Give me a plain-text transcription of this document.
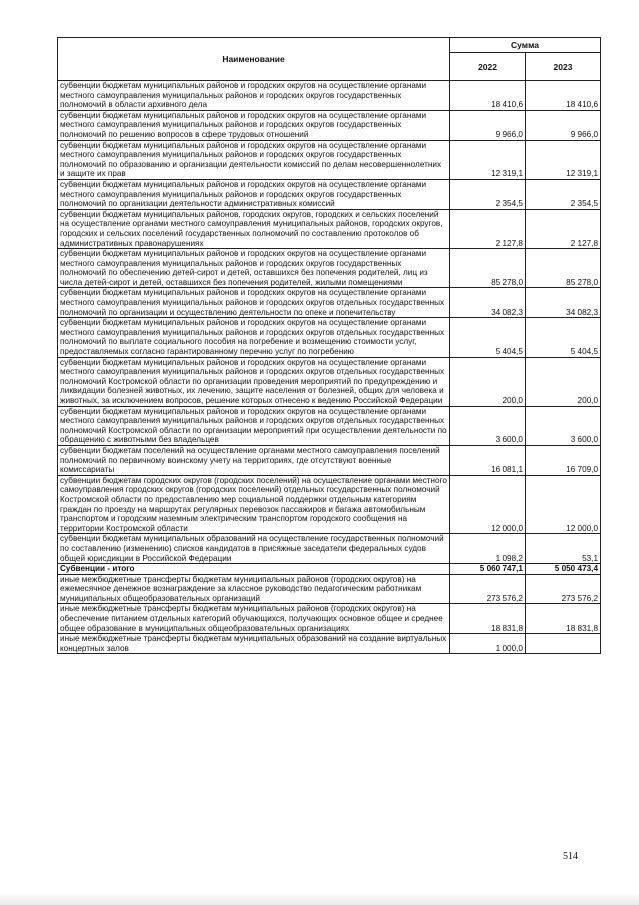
Наименование	Сумма	
	2022	2023
субвенции бюджетам муниципальных районов и городских округов на осуществление органами местного самоуправления муниципальных районов и городских округов государственных полномочий в области архивного дела	18 410,6	18 410,6
субвенции бюджетам муниципальных районов и городских округов на осуществление органами местного самоуправления муниципальных районов и городских округов государственных полномочий по решению вопросов в сфере трудовых отношений	9 966,0	9 966,0
субвенции бюджетам муниципальных районов и городских округов на осуществление органами местного самоуправления муниципальных районов и городских округов государственных полномочий по образованию и организации деятельности комиссий по делам несовершеннолетних и защите их прав	12 319,1	12 319,1
субвенции бюджетам муниципальных районов и городских округов на осуществление органами местного самоуправления муниципальных районов и городских округов государственных полномочий по организации деятельности административных комиссий	2 354,5	2 354,5
субвенции бюджетам муниципальных районов, городских округов, городских и сельских поселений на осуществление органами местного самоуправления муниципальных районов, городских округов, городских и сельских поселений государственных полномочий по составлению протоколов об административных правонарушениях	2 127,8	2 127,8
субвенции бюджетам муниципальных районов и городских округов на осуществление органами местного самоуправления муниципальных районов и городских округов государственных полномочий по обеспечению детей-сирот и детей, оставшихся без попечения родителей, лиц из числа детей-сирот и детей, оставшихся без попечения родителей, жилыми помещениями	85 278,0	85 278,0
субвенции бюджетам муниципальных районов и городских округов на осуществление органами местного самоуправления муниципальных районов и городских округов отдельных государственных полномочий по организации и осуществлению деятельности по опеке и попечительству	34 082,3	34 082,3
субвенции бюджетам муниципальных районов и городских округов на осуществление органами местного самоуправления муниципальных районов и городских округов отдельных государственных полномочий по выплате социального пособия на погребение и возмещению стоимости услуг, предоставляемых согласно гарантированному перечню услуг по погребению	5 404,5	5 404,5
субвенции бюджетам муниципальных районов и городских округов на осуществление органами местного самоуправления муниципальных районов и городских округов отдельных государственных полномочий Костромской области по организации проведения мероприятий по предупреждению и ликвидации болезней животных, их лечению, защите населения от болезней, общих для человека и животных, за исключением вопросов, решение которых отнесено к ведению Российской Федерации	200,0	200,0
субвенции бюджетам муниципальных районов и городских округов на осуществление органами местного самоуправления муниципальных районов и городских округов отдельных государственных полномочий Костромской области по организации мероприятий при осуществлении деятельности по обращению с животными без владельцев	3 600,0	3 600,0
субвенции бюджетам поселений на осуществление органами местного самоуправления поселений полномочий по первичному воинскому учету на территориях, где отсутствуют военные комиссариаты	16 081,1	16 709,0
субвенции бюджетам городских округов (городских поселений) на осуществление органами местного самоуправления городских округов (городских поселений) отдельных государственных полномочий Костромской области по предоставлению мер социальной поддержки отдельным категориям граждан по проезду на маршрутах регулярных перевозок пассажиров и багажа автомобильным транспортом и городским наземным электрическим транспортом городского сообщения на территории Костромской области	12 000,0	12 000,0
субвенции бюджетам муниципальных образований на осуществление государственных полномочий по составлению (изменению) списков кандидатов в присяжные заседатели федеральных судов общей юрисдикции в Российской Федерации	1 098,2	53,1
Субвенции - итого	5 060 747,1	5 050 473,4
иные межбюджетные трансферты бюджетам муниципальных районов (городских округов) на ежемесячное денежное вознаграждение за классное руководство педагогическим работникам муниципальных общеобразовательных организаций	273 576,2	273 576,2
иные межбюджетные трансферты бюджетам муниципальных районов (городских округов) на обеспечение питанием отдельных категорий обучающихся, получающих основное общее и среднее общее образование в муниципальных общеобразовательных организациях	18 831,8	18 831,8
иные межбюджетные трансферты бюджетам муниципальных образований на создание виртуальных концертных залов	1 000,0	
514
